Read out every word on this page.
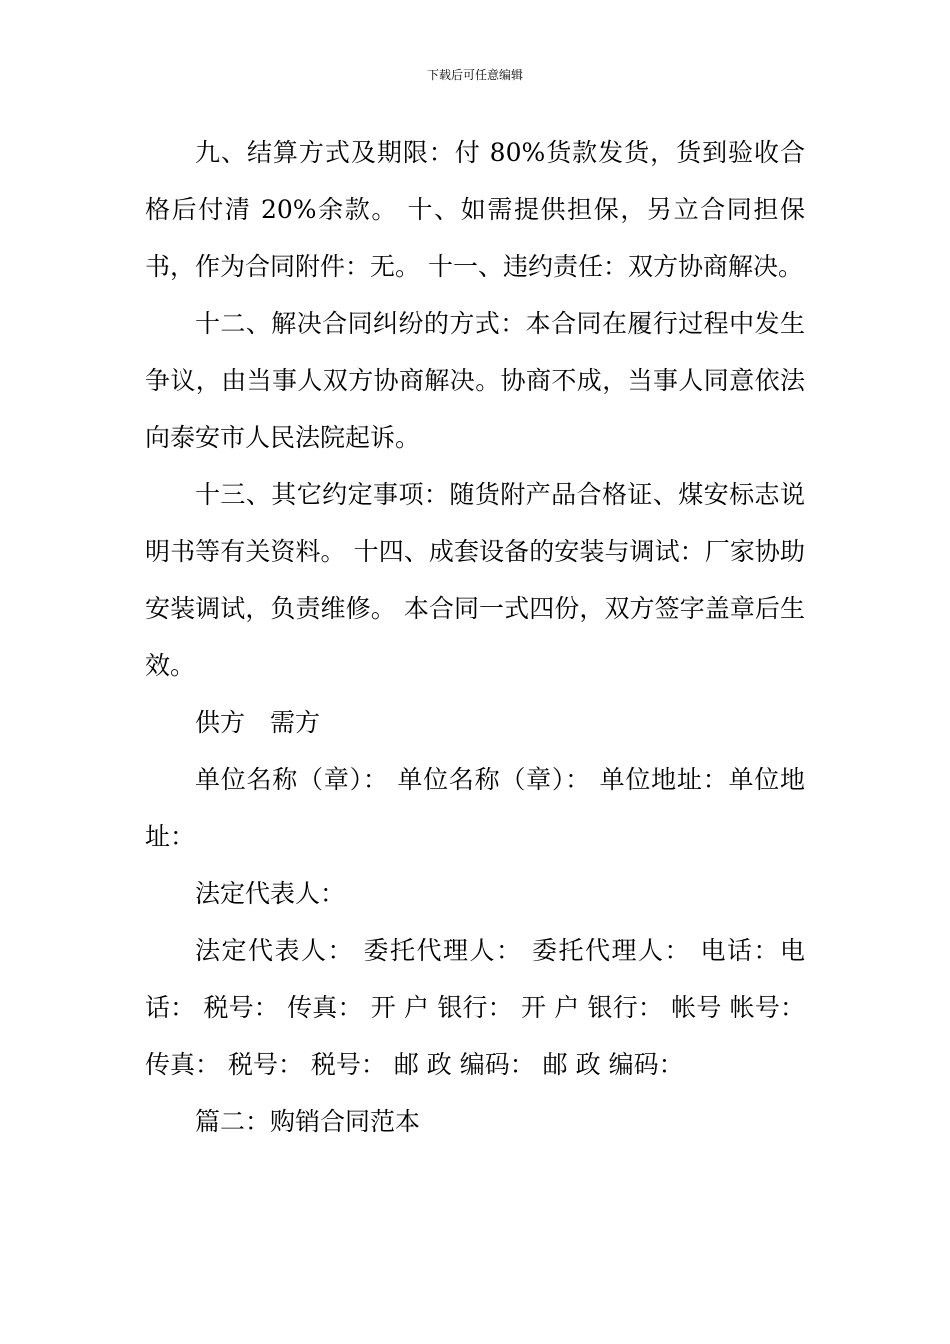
下载后可任意编辑

九、结算方式及期限：付 80%货款发货，货到验收合格后付清 20%余款。 十、如需提供担保，另立合同担保书，作为合同附件：无。 十一、违约责任：双方协商解决。

十二、解决合同纠纷的方式：本合同在履行过程中发生争议，由当事人双方协商解决。协商不成，当事人同意依法向泰安市人民法院起诉。

十三、其它约定事项：随货附产品合格证、煤安标志说明书等有关资料。 十四、成套设备的安装与调试：厂家协助安装调试，负责维修。 本合同一式四份，双方签字盖章后生效。

供方　需方

单位名称（章）： 单位名称（章）： 单位地址：单位地址：

法定代表人：

法定代表人： 委托代理人： 委托代理人： 电话：电话： 税号： 传真： 开 户 银行： 开 户 银行： 帐号 帐号： 传真： 税号： 税号： 邮 政 编码： 邮 政 编码：

篇二：购销合同范本
